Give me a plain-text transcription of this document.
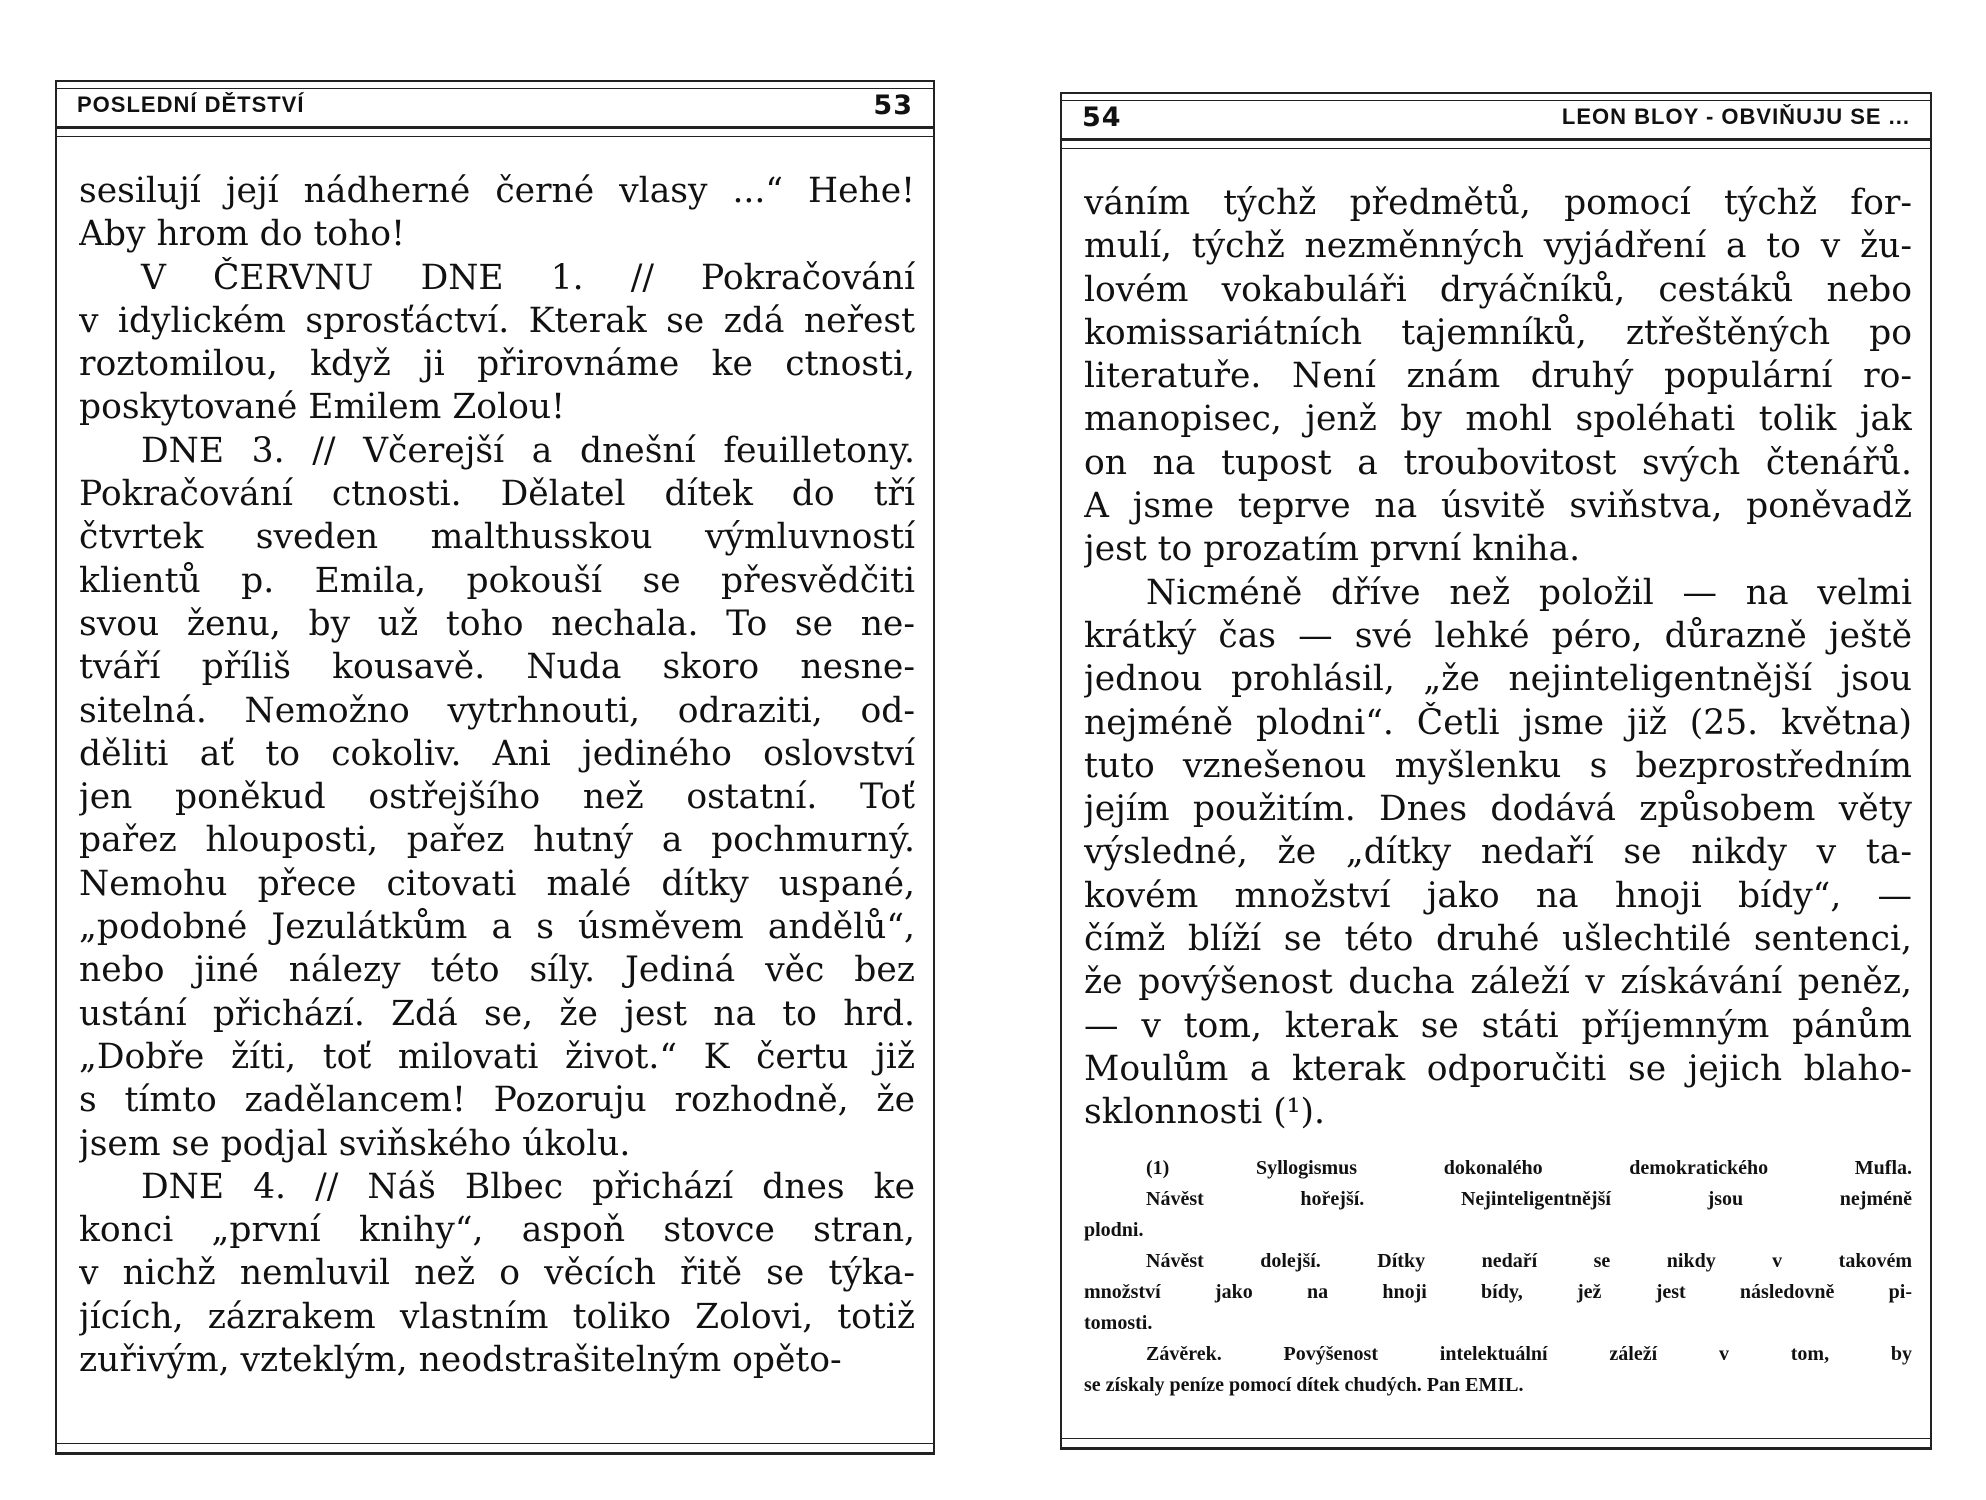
POSLEDNÍ DĚTSTVÍ	53
sesilují její nádherné černé vlasy ...“ Hehe!
Aby hrom do toho!
V ČERVNU DNE 1. // Pokračování
v idylickém sprosťáctví. Kterak se zdá neřest
roztomilou, když ji přirovnáme ke ctnosti,
poskytované Emilem Zolou!
DNE 3. // Včerejší a dnešní feuilletony.
Pokračování ctnosti. Dělatel dítek do tří
čtvrtek sveden malthusskou výmluvností
klientů p. Emila, pokouší se přesvědčiti
svou ženu, by už toho nechala. To se ne-
tváří příliš kousavě. Nuda skoro nesne-
sitelná. Nemožno vytrhnouti, odraziti, od-
děliti ať to cokoliv. Ani jediného oslovství
jen poněkud ostřejšího než ostatní. Toť
pařez hlouposti, pařez hutný a pochmurný.
Nemohu přece citovati malé dítky uspané,
„podobné Jezulátkům a s úsměvem andělů“,
nebo jiné nálezy této síly. Jediná věc bez
ustání přichází. Zdá se, že jest na to hrd.
„Dobře žíti, toť milovati život.“ K čertu již
s tímto zadělancem! Pozoruju rozhodně, že
jsem se podjal sviňského úkolu.
DNE 4. // Náš Blbec přichází dnes ke
konci „první knihy“, aspoň stovce stran,
v nichž nemluvil než o věcích řitě se týka-
jících, zázrakem vlastním toliko Zolovi, totiž
zuřivým, vzteklým, neodstrašitelným opěto-
54	LEON BLOY - OBVIŇUJU SE ...
váním týchž předmětů, pomocí týchž for-
mulí, týchž nezměnných vyjádření a to v žu-
lovém vokabuláři dryáčníků, cestáků nebo
komissariátních tajemníků, ztřeštěných po
literatuře. Není znám druhý populární ro-
manopisec, jenž by mohl spoléhati tolik jak
on na tupost a troubovitost svých čtenářů.
A jsme teprve na úsvitě sviňstva, poněvadž
jest to prozatím první kniha.
Nicméně dříve než položil — na velmi
krátký čas — své lehké péro, důrazně ještě
jednou prohlásil, „že nejinteligentnější jsou
nejméně plodni“. Četli jsme již (25. května)
tuto vznešenou myšlenku s bezprostředním
jejím použitím. Dnes dodává způsobem věty
výsledné, že „dítky nedaří se nikdy v ta-
kovém množství jako na hnoji bídy“, —
čímž blíží se této druhé ušlechtilé sentenci,
že povýšenost ducha záleží v získávání peněz,
— v tom, kterak se státi příjemným pánům
Moulům a kterak odporučiti se jejich blaho-
sklonnosti (¹).
(1) Syllogismus dokonalého demokratického Mufla.
Návěst hořejší. Nejinteligentnější jsou nejméně
plodni.
Návěst dolejší. Dítky nedaří se nikdy v takovém
množství jako na hnoji bídy, jež jest následovně pi-
tomosti.
Závěrek. Povýšenost intelektuální záleží v tom, by
se získaly peníze pomocí dítek chudých. Pan EMIL.
